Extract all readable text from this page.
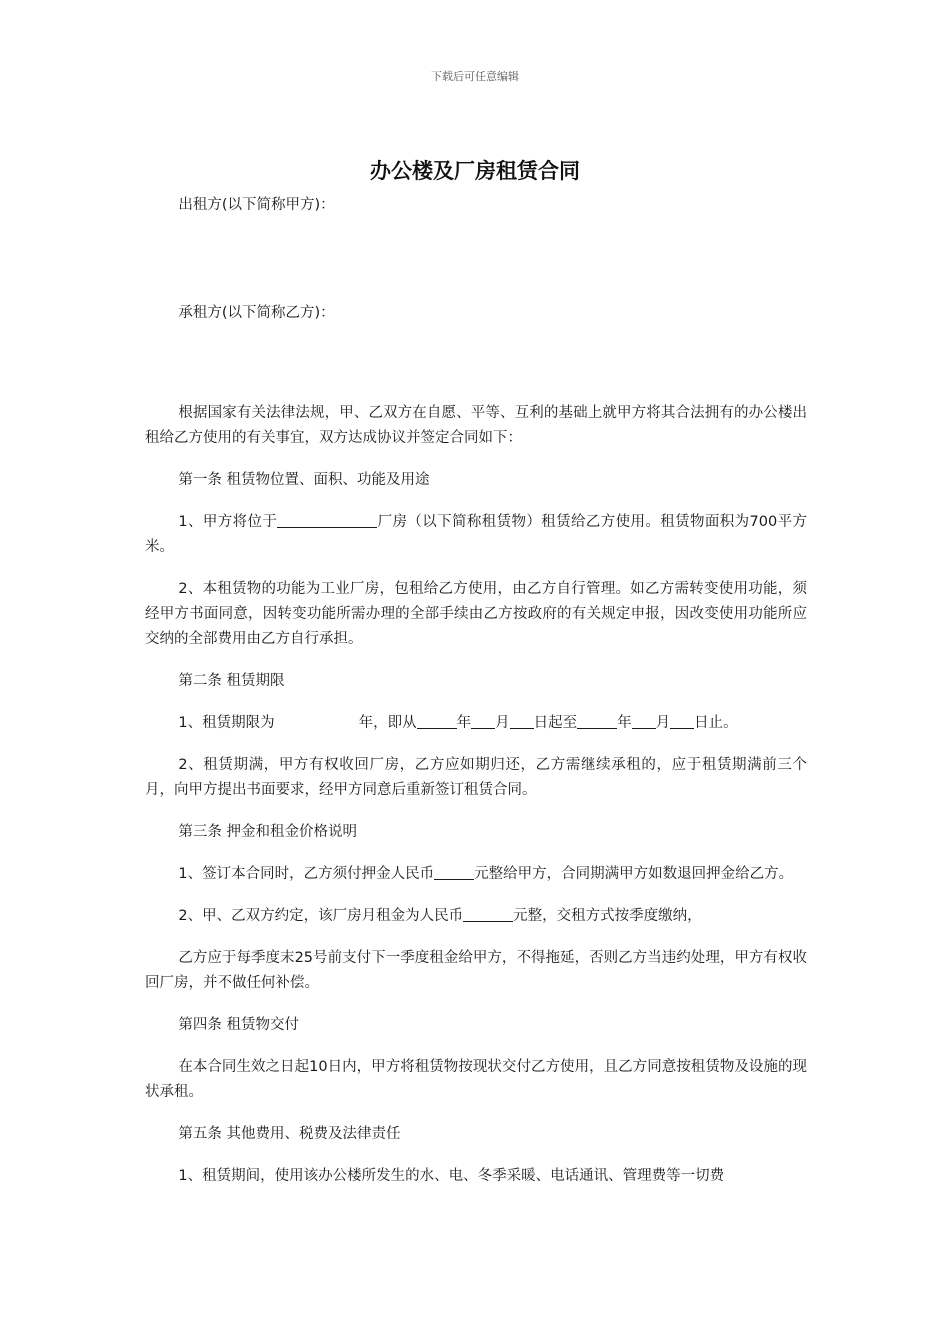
下载后可任意编辑
办公楼及厂房租赁合同

出租方(以下简称甲方)：

承租方(以下简称乙方)：

根据国家有关法律法规，甲、乙双方在自愿、平等、互利的基础上就甲方将其合法拥有的办公楼出租给乙方使用的有关事宜，双方达成协议并签定合同如下：

第一条 租赁物位置、面积、功能及用途

1、甲方将位于	厂房（以下简称租赁物）租赁给乙方使用。租赁物面积为700平方米。

2、本租赁物的功能为工业厂房，包租给乙方使用，由乙方自行管理。如乙方需转变使用功能，须经甲方书面同意，因转变功能所需办理的全部手续由乙方按政府的有关规定申报，因改变使用功能所应交纳的全部费用由乙方自行承担。

第二条 租赁期限

1、租赁期限为	年，即从	年 月 日起至	年 月 日止。

2、租赁期满，甲方有权收回厂房，乙方应如期归还，乙方需继续承租的，应于租赁期满前三个月，向甲方提出书面要求，经甲方同意后重新签订租赁合同。

第三条 押金和租金价格说明

1、签订本合同时，乙方须付押金人民币	元整给甲方，合同期满甲方如数退回押金给乙方。

2、甲、乙双方约定，该厂房月租金为人民币	元整，交租方式按季度缴纳，

乙方应于每季度末25号前支付下一季度租金给甲方，不得拖延，否则乙方当违约处理，甲方有权收回厂房，并不做任何补偿。

第四条 租赁物交付

在本合同生效之日起10日内，甲方将租赁物按现状交付乙方使用，且乙方同意按租赁物及设施的现状承租。

第五条 其他费用、税费及法律责任

1、租赁期间，使用该办公楼所发生的水、电、冬季采暖、电话通讯、管理费等一切费
